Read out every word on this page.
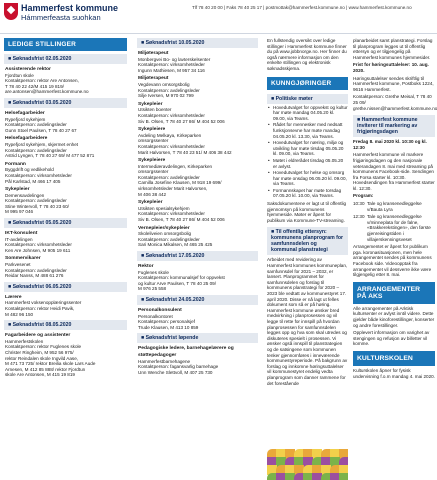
Hammerfest kommune
Hámmerfeasta suohkan
Tlf 78 40 20 00 | Faks 78 40 25 17 | postmottak@hammerfest.kommune.no | www.hammerfest.kommune.no
LEDIGE STILLINGER
■ Søknadsfrist 02.05.2020
Assisterende rektor
Fjordtun skole
Kontaktperson: rektor Are Antonsen,
T 78 40 22 42/M 415 19 819/
are.antonsen@hammerfest.kommune.no
■ Søknadsfrist 03.05.2020
Helsefagarbeider
Rypefjord sykehjem
Kontaktperson: avdelingsleder
Gunn Stoel Paulsen, T 78 40 27 67
Helsefagarbeidere
Rypefjord sykehjem, skjermet enhet
Kontaktperson: avdelingsleder
Astrid Lyngen, T 78 40 27 69/ M 477 52 871
Formann
Byggdrift og vedlikehold
Kontaktperson: virksomhetsleder
Pål Karlstad, M 466 17 405
Sykepleier
Demensavdelingen
Kontaktperson: avdelingsleder
Stine Wintervoll, T 78 40 23 60/
M 995 97 046
■ Søknadsfrist 05.05.2020
IKT-konsulent
IT-avdelingen
Kontaktperson: virksomhetsleder
Ken Are Johnsen, M 905 19 611
Sommervikarer
Parkvesenet
Kontaktperson: avdelingsleder
Reidar Nanss, M 488 61 276
■ Søknadsfrist 06.05.2020
Lærere
Hammerfest voksenopplæringssenter
Kontaktperson: rektor Heidi Pavik,
M 482 96 150
■ Søknadsfrist 08.05.2020
Fagarbeidere og assistenter
Hammerfestskolen
Kontaktperson: rektor Fuglenes skole
Christer Ringheim, M 952 56 975/
rektor Reindalen skole Ingvild Aase,
M 471 73 725/ rektor Breilia skole Lars Aude
Arnesen, M 412 85 888/ rektor Fjordtun
skole Are Antonsen, M 415 19 819
■ Søknadsfrist 10.05.2020
Miljøterapeut
Monbergvei Bo- og lavterskelsenter
Kontaktperson: virksomhetsleder
Ingunn Mathiesen, M 957 34 116
Miljøterapeut
Vegdevann omsorgsbolig
Kontaktperson: avdelingsleder
Silje Iversen, M 970 02 799
Sykepleier
Utsikten boenter
Kontaktperson: virksomhetsleder
Siv B. Olsen, T 78 40 27 86/ M 404 52 006
Sykepleiere
Avdeling Melkøya, Kirkeparken
omsorgssenter
Kontaktperson: virksomhetsleder
Marit Halvorsen, T 78 40 23 51/ M 406 38 442
Sykepleiere
Intermediæravdelingen, Kirkeparken
omsorgssenter
Kontaktperson: avdelingsleder
Camilla Josefine Klausen, M 918 19 699/
virksomhetsleder Marit Halvorsen,
M 406 38 442
Sykepleier
Utsikten spesialsykehjem
Kontaktperson: virksomhetsleder
Siv B. Olsen, T 78 40 27 86/ M 404 52 006
Vernepleier/sykepleier
Skoleliveien omsorgsbolig
Kontaktperson: avdelingsleder
Sari Monica Mikalsen, M 465 25 425
■ Søknadsfrist 17.05.2020
Rektor
Fuglenes skole
Kontaktperson: kommunalsjef for oppvekst
og kultur Arve Paulsen, T 78 40 25 09/
M 976 25 558
■ Søknadsfrist 24.05.2020
Personalkonsulent
Personalkontoret
Kontaktperson: personalsjef
Trude Klausen, M 413 10 859
■ Søknadsfrist løpende
Pedagogiske ledere, barnehagelærere og støttepedagoger
Hammerfestbarnehagene
Kontaktperson: fagansvarlig barnehage
Unn Wenche Slettvoll, M 407 25 730
En fullstendig oversikt over ledige stillinger i Hammerfest kommune finner du på www.jobbnorge.no. Her finner du også nærmere informasjon om den enkelte stillingen og elektronisk søknadsskjema.
KUNNGJØRINGER
■ Politiske møter
• Hovedutvalget for oppvekst og kultur har møte mandag 04.05.20 kl. 09.00, via Teams.
• Rådet for mennesker med nedsatt funksjonsevne har møte mandag 04.05.20 kl. 13.30, via Teams.
• Hovedutvalget for næring, miljø og utvikling har møte tirsdag 05.05.20 kl. 09.00, via Teams.
• Møtet i eldrerådet tirsdag 05.05.20 er avlyst.
• Hovedutvalget for helse og omsorg har møte onsdag 06.05.20 kl. 09.00, via Teams.
• Formannskapet har møte torsdag 07.05.20 kl. 10.00, via Teams.
Saksdokumentene er lagt ut til offentlig gjennomsyn på kommunens hjemmeside. Møter er åpent for publikum via Kommune-TV-streaming.
■ Til offentlig ettersyn: kommunens planprogram for samfunnsdelen og kommunal planstrategi
Arbeidet med revidering av Hammerfest kommunes kommuneplan, samfunnsdel for 2021 – 2032, er lansert. Planprogrammet for samfunnsdelen og forslag til kommunens planstrategi for 2020 – 2023 ble vedtatt av kommunestyret 17. april 2020. Disse er nå lagt ut felles dokument som så er på høring. Hammerfest kommune ønsker bred medvirkning i planprosessen og vil legge til rette for innspill på hvordan planprosessen for samfunnsdelen legges opp og hva som skal utredes og diskuteres spesielt i prosessen. Vi ønsker også innspill til planstrategien og de satsingene som kommunen tenker gjennomføres i inneværende kommunestyreperiode. På bakgrunn av forslag og innkomne høringsuttalelser vil kommunestyret endelig vedta planprogram som danner rammene for det forestående
planarbeidet samt planstrategi. Forslag til planprogram legges ut til offentlig ettersyn og er tilgjengelig på Hammerfest kommunes hjemmesider.
Frist for høringsuttalelser: 10. aug. 2020.
Høringsuttalelser sendes skriftlig til Hammerfest kommune, Postboks 1224, 9616 Hammerfest.
Kontaktperson: Grethe Meisal, T 78 40 25 09/ grethe.nissen@hammerfest.kommune.no
■ Hammerfest kommune inviterer til markering av frigjøringsdagen
Fredag 8. mai 2020 kl. 10:30 og kl. 12:30
Hammerfest kommune vil markere frigjøringsdagen og den nasjonale veterandagen 8. mai med streaming på kommunens Facebook-side. Sendingen fra Forsa starter kl. 10:30. Hovedsendingen fra Hammerfest starter kl. 12:30.
Program:
10:30 Tale og kransenedleggelse v/Bauta Lyra
12:30 Tale og kransenedleggelse v/minneplata for de falne, «Brakkerekstingen», den første gjenreisingstiden i villajerskenningsveset
Arrangementet er åpent for publikum pga. koronasituasjonen, men hele arrangementet sendes på kommunens Facebook side. Videoopptak fra arrangementet vil dessverre ikke være tilgjengelig etter 8. mai.
ARRANGEMENTER PÅ AKS
Alle arrangementer på Arktisk kultursenter er avlyst inntil videre. Dette gjelder både kinoforestillinger, konserter og andre forestillinger.
Opplevert informasjon om varighet av stengingen og refusjon av billetter vil komme.
KULTURSKOLEN
Kulturskolen åpner for fysisk undervisning f.o.m mandag 4. mai 2020.
